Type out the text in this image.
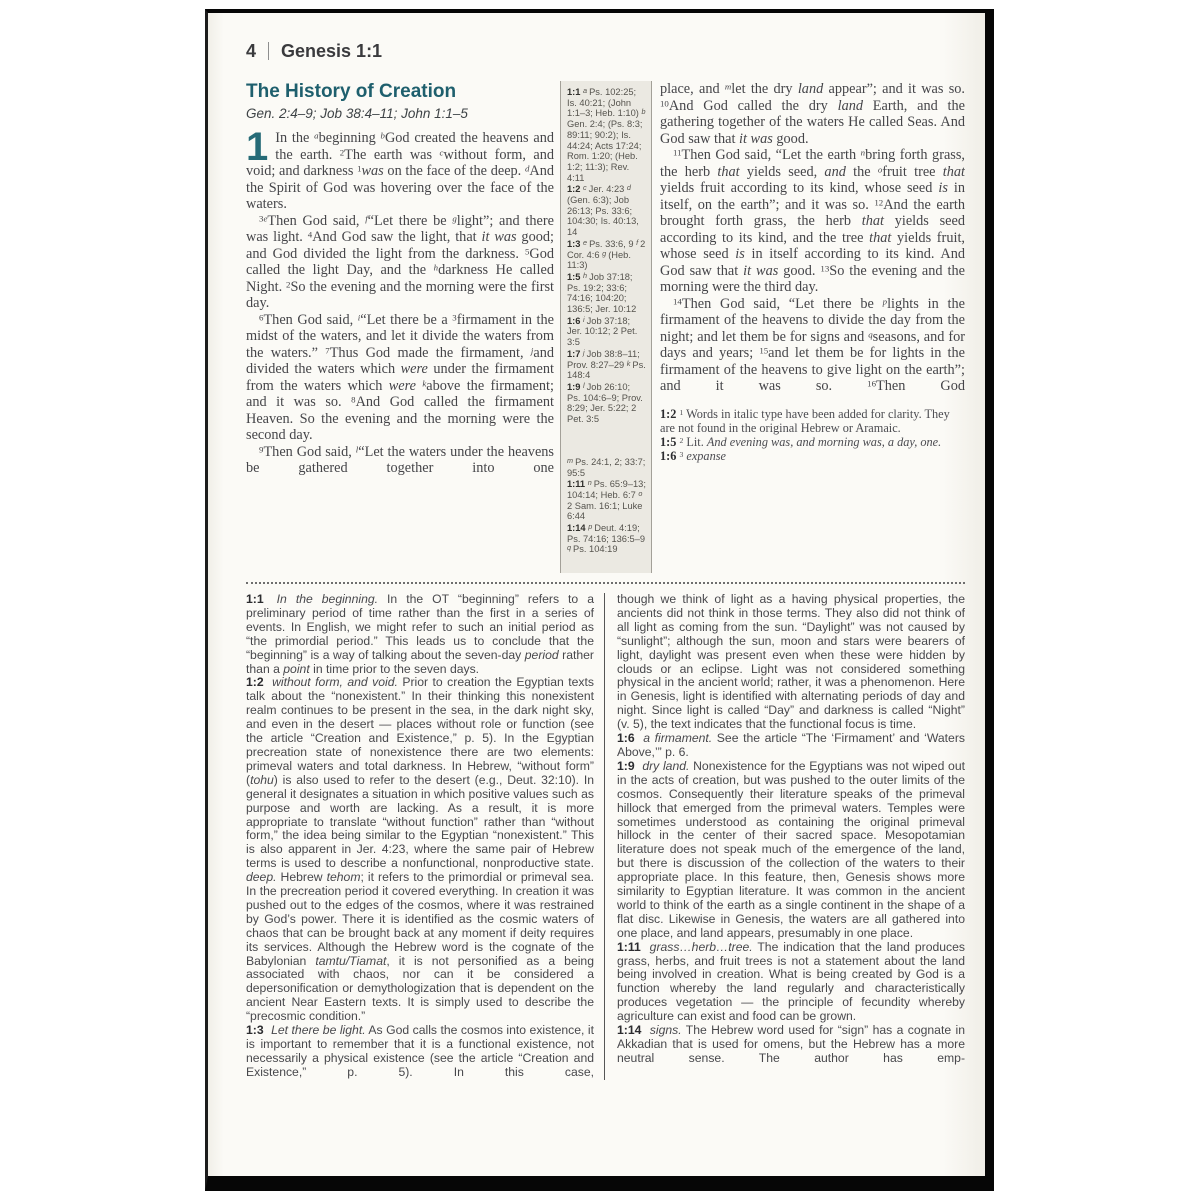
4 Genesis 1:1
The History of Creation
Gen. 2:4–9; Job 38:4–11; John 1:1–5

1 In the $^a$beginning $^b$God created the heavens and the earth. $^2$The earth was $^c$without form, and void; and darkness $^1$was on the face of the deep. $^d$And the Spirit of God was hovering over the face of the waters.

$^{3e}$Then God said, $^f$“Let there be $^g$light”; and there was light. $^4$And God saw the light, that it was good; and God divided the light from the darkness. $^5$God called the light Day, and the $^h$darkness He called Night. $^2$So the evening and the morning were the first day.

$^6$Then God said, $^i$“Let there be a $^3$firmament in the midst of the waters, and let it divide the waters from the waters.” $^7$Thus God made the firmament, $^j$and divided the waters which were under the firmament from the waters which were $^k$above the firmament; and it was so. $^8$And God called the firmament Heaven. So the evening and the morning were the second day.

$^9$Then God said, $^l$“Let the waters under the heavens be gathered together into one

1:1 a Ps. 102:25; Is. 40:21; (John 1:1–3; Heb. 1:10) b Gen. 2:4; (Ps. 8:3; 89:11; 90:2); Is. 44:24; Acts 17:24; Rom. 1:20; (Heb. 1:2; 11:3); Rev. 4:11
1:2 c Jer. 4:23 d (Gen. 6:3); Job 26:13; Ps. 33:6; 104:30; Is. 40:13, 14
1:3 e Ps. 33:6, 9 f 2 Cor. 4:6 g (Heb. 11:3)
1:5 h Job 37:18; Ps. 19:2; 33:6; 74:16; 104:20; 136:5; Jer. 10:12
1:6 i Job 37:18; Jer. 10:12; 2 Pet. 3:5
1:7 j Job 38:8–11; Prov. 8:27–29 k Ps. 148:4
1:9 l Job 26:10; Ps. 104:6–9; Prov. 8:29; Jer. 5:22; 2 Pet. 3:5
m Ps. 24:1, 2; 33:7; 95:5
1:11 n Ps. 65:9–13; 104:14; Heb. 6:7 o 2 Sam. 16:1; Luke 6:44
1:14 p Deut. 4:19; Ps. 74:16; 136:5–9 q Ps. 104:19

place, and $^m$let the dry land appear”; and it was so. $^{10}$And God called the dry land Earth, and the gathering together of the waters He called Seas. And God saw that it was good.

$^{11}$Then God said, “Let the earth $^n$bring forth grass, the herb that yields seed, and the $^o$fruit tree that yields fruit according to its kind, whose seed is in itself, on the earth”; and it was so. $^{12}$And the earth brought forth grass, the herb that yields seed according to its kind, and the tree that yields fruit, whose seed is in itself according to its kind. And God saw that it was good. $^{13}$So the evening and the morning were the third day.

$^{14}$Then God said, “Let there be $^p$lights in the firmament of the heavens to divide the day from the night; and let them be for signs and $^q$seasons, and for days and years; $^{15}$and let them be for lights in the firmament of the heavens to give light on the earth”; and it was so. $^{16}$Then God

1:2 $^1$ Words in italic type have been added for clarity. They are not found in the original Hebrew or Aramaic.

1:5 $^2$ Lit. And evening was, and morning was, a day, one.

1:6 $^3$ expanse

1:1 In the beginning. In the OT “beginning” refers to a preliminary period of time rather than the first in a series of events. In English, we might refer to such an initial period as “the primordial period.” This leads us to conclude that the “beginning” is a way of talking about the seven-day period rather than a point in time prior to the seven days.

1:2 without form, and void. Prior to creation the Egyptian texts talk about the “nonexistent.” In their thinking this nonexistent realm continues to be present in the sea, in the dark night sky, and even in the desert — places without role or function (see the article “Creation and Existence,” p. 5). In the Egyptian precreation state of nonexistence there are two elements: primeval waters and total darkness. In Hebrew, “without form” (tohu) is also used to refer to the desert (e.g., Deut. 32:10). In general it designates a situation in which positive values such as purpose and worth are lacking. As a result, it is more appropriate to translate “without function” rather than “without form,” the idea being similar to the Egyptian “nonexistent.” This is also apparent in Jer. 4:23, where the same pair of Hebrew terms is used to describe a nonfunctional, nonproductive state. deep. Hebrew tehom; it refers to the primordial or primeval sea. In the precreation period it covered everything. In creation it was pushed out to the edges of the cosmos, where it was restrained by God’s power. There it is identified as the cosmic waters of chaos that can be brought back at any moment if deity requires its services. Although the Hebrew word is the cognate of the Babylonian tamtu/Tiamat, it is not personified as a being associated with chaos, nor can it be considered a depersonification or demythologization that is dependent on the ancient Near Eastern texts. It is simply used to describe the “precosmic condition.”

1:3 Let there be light. As God calls the cosmos into existence, it is important to remember that it is a functional existence, not necessarily a physical existence (see the article “Creation and Existence,” p. 5). In this case,

though we think of light as a having physical properties, the ancients did not think in those terms. They also did not think of all light as coming from the sun. “Daylight” was not caused by “sunlight”; although the sun, moon and stars were bearers of light, daylight was present even when these were hidden by clouds or an eclipse. Light was not considered something physical in the ancient world; rather, it was a phenomenon. Here in Genesis, light is identified with alternating periods of day and night. Since light is called “Day” and darkness is called “Night” (v. 5), the text indicates that the functional focus is time.

1:6 a firmament. See the article “The ‘Firmament’ and ‘Waters Above,’” p. 6.

1:9 dry land. Nonexistence for the Egyptians was not wiped out in the acts of creation, but was pushed to the outer limits of the cosmos. Consequently their literature speaks of the primeval hillock that emerged from the primeval waters. Temples were sometimes understood as containing the original primeval hillock in the center of their sacred space. Mesopotamian literature does not speak much of the emergence of the land, but there is discussion of the collection of the waters to their appropriate place. In this feature, then, Genesis shows more similarity to Egyptian literature. It was common in the ancient world to think of the earth as a single continent in the shape of a flat disc. Likewise in Genesis, the waters are all gathered into one place, and land appears, presumably in one place.

1:11 grass…herb…tree. The indication that the land produces grass, herbs, and fruit trees is not a statement about the land being involved in creation. What is being created by God is a function whereby the land regularly and characteristically produces vegetation — the principle of fecundity whereby agriculture can exist and food can be grown.

1:14 signs. The Hebrew word used for “sign” has a cognate in Akkadian that is used for omens, but the Hebrew has a more neutral sense. The author has emp-
